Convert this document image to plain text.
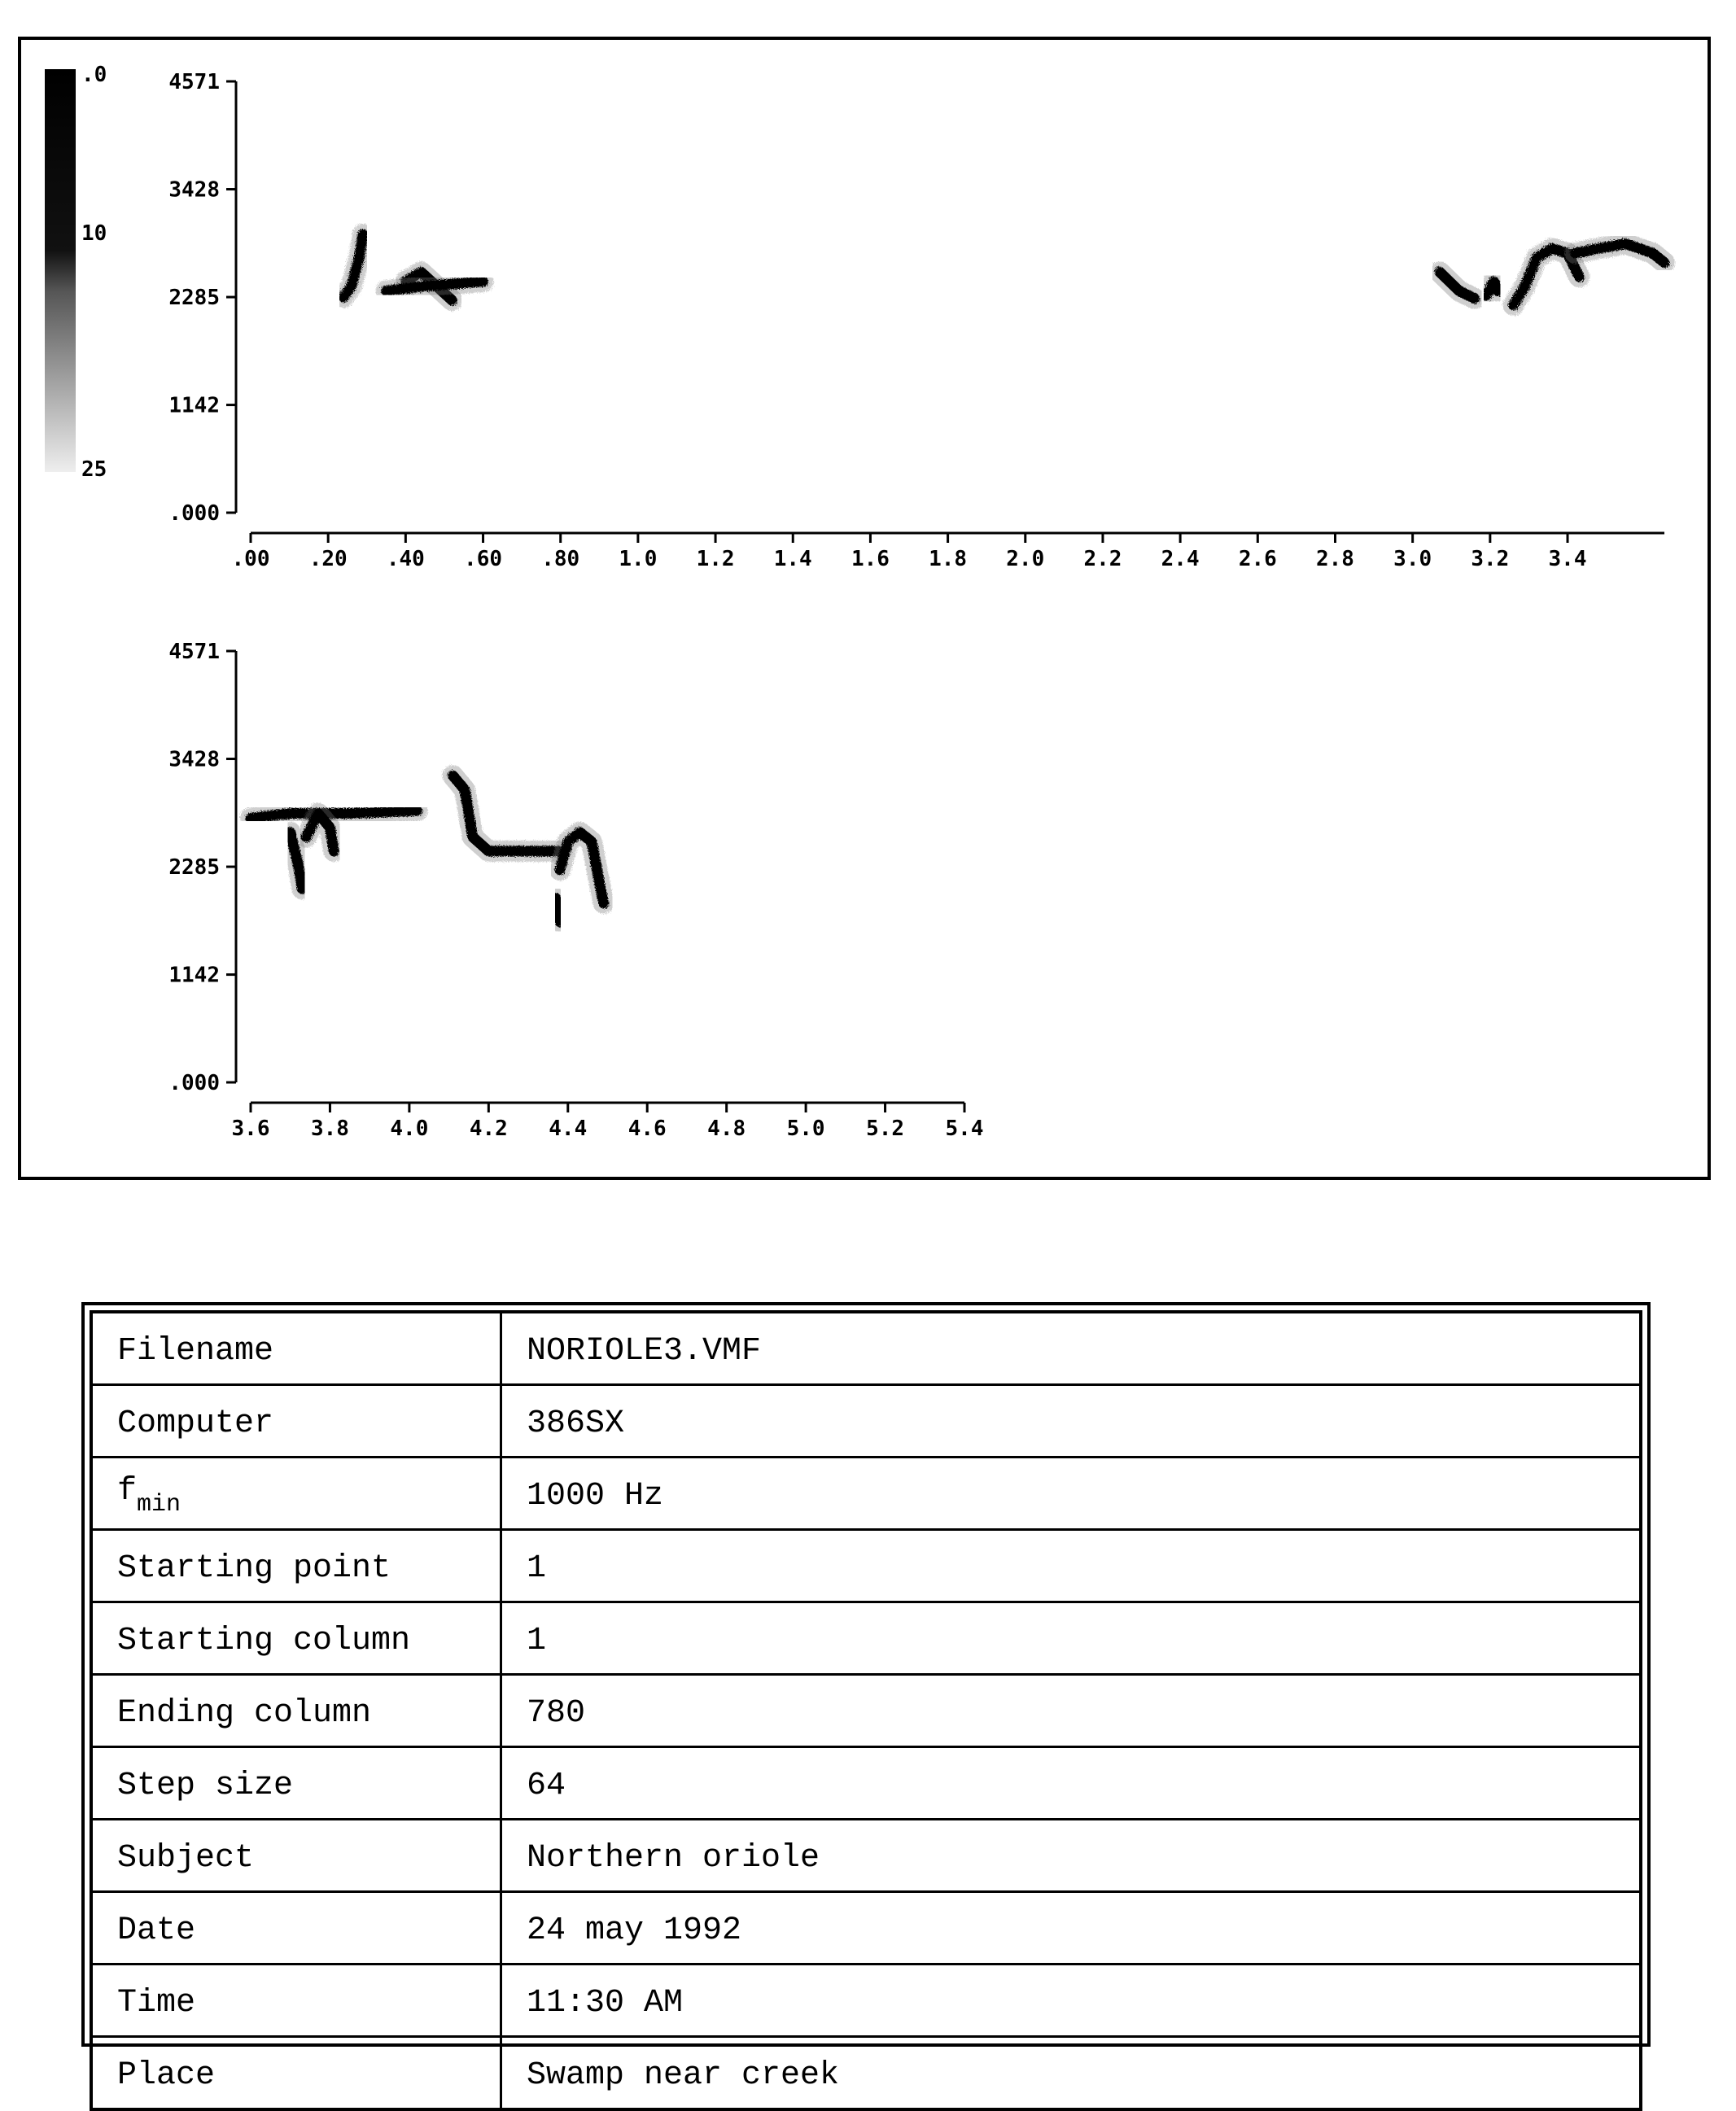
.0
10
25
4571
3428
2285
1142
.000
.00 .20 .40 .60 .80 1.0 1.2 1.4 1.6 1.8 2.0 2.2 2.4 2.6 2.8 3.0 3.2 3.4
4571
3428
2285
1142
.000
3.6 3.8 4.0 4.2 4.4 4.6 4.8 5.0 5.2 5.4
Filename	NORIOLE3.VMF
Computer	386SX
$f_{min}$	1000 Hz
Starting point	1
Starting column	1
Ending column	780
Step size	64
Subject	Northern oriole
Date	24 may 1992
Time	11:30 AM
Place	Swamp near creek
